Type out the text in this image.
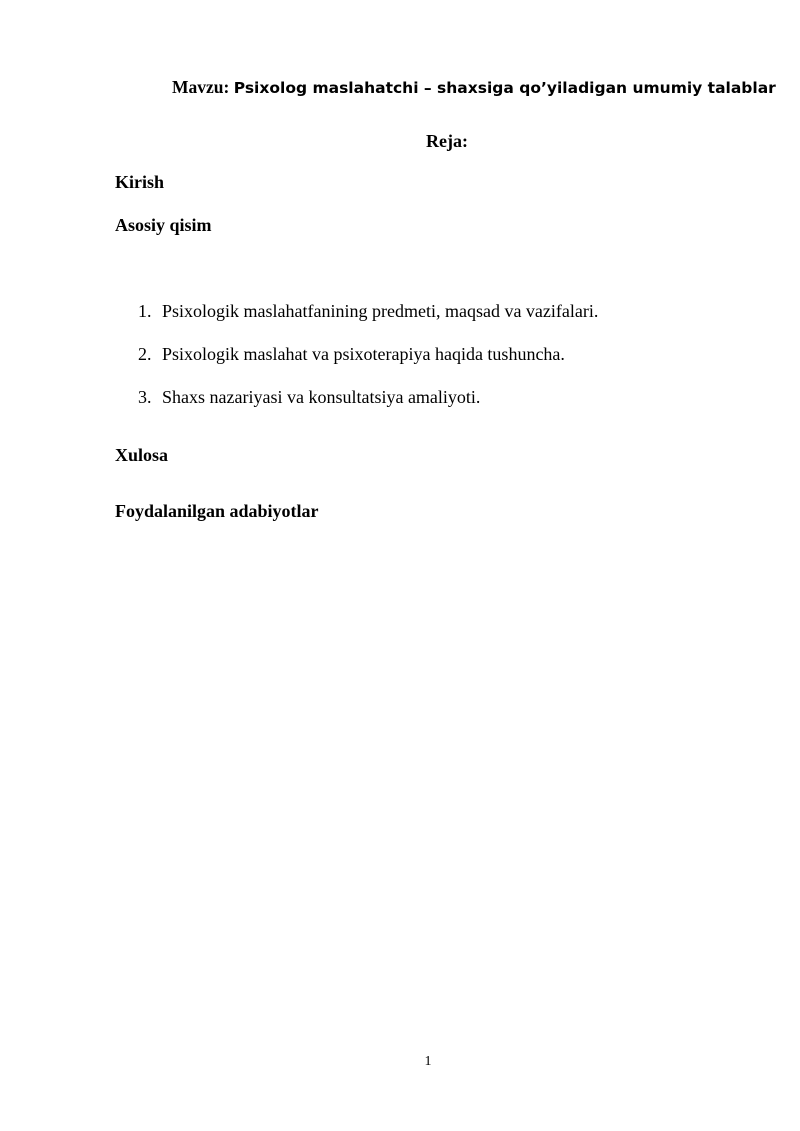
Mavzu: Psixolog maslahatchi – shaxsiga qo’yiladigan umumiy talablar
Reja:
Kirish
Asosiy qisim
1. Psixologik maslahatfanining predmeti, maqsad va vazifalari.
2. Psixologik maslahat va psixoterapiya haqida tushuncha.
3. Shaxs nazariyasi va konsultatsiya amaliyoti.
Xulosa
Foydalanilgan adabiyotlar
1
